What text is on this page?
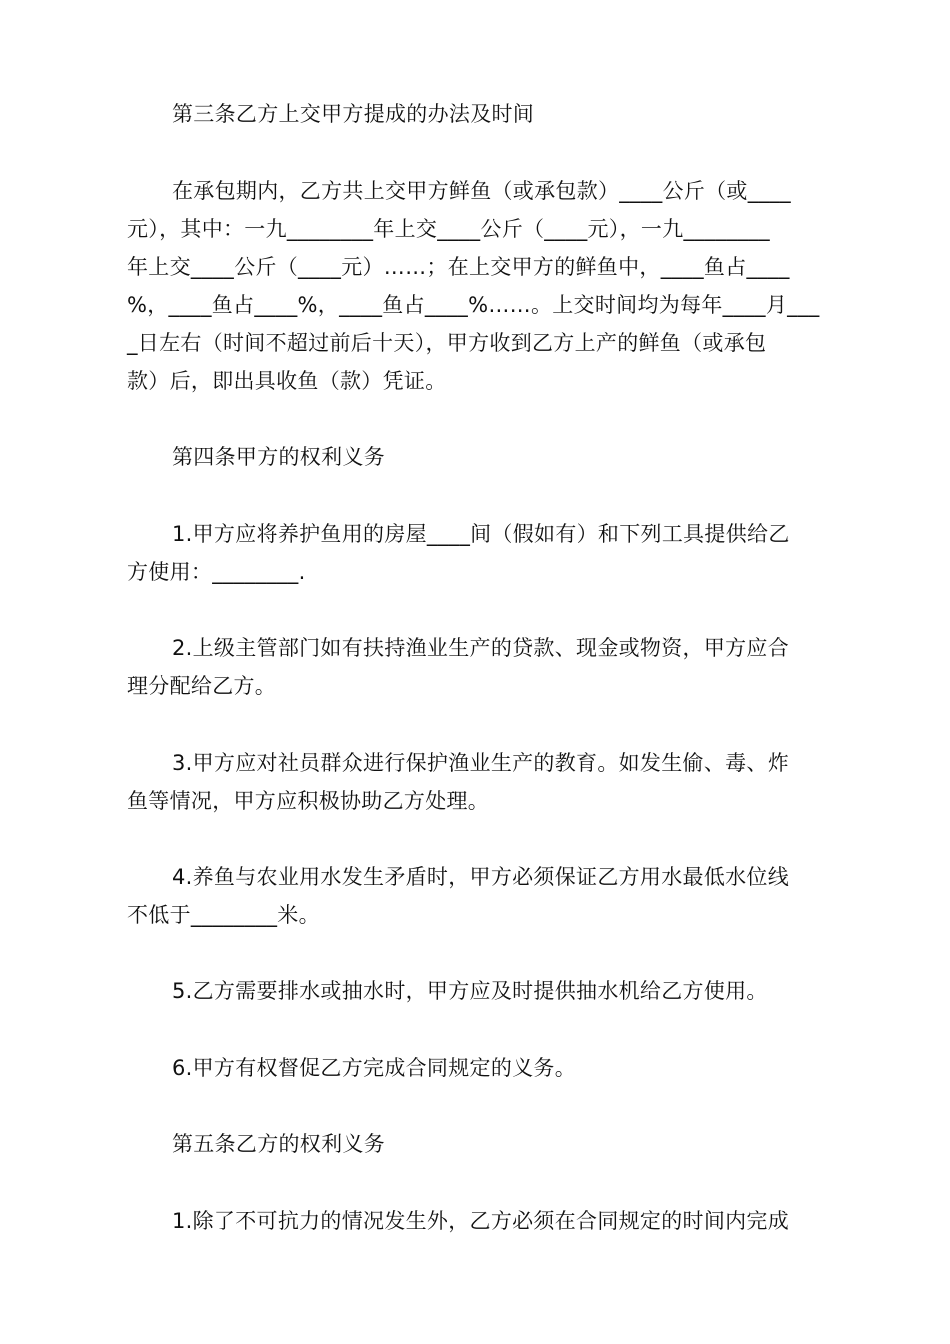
第三条乙方上交甲方提成的办法及时间

在承包期内，乙方共上交甲方鲜鱼（或承包款）____公斤（或____
元），其中：一九________年上交____公斤（____元），一九________
年上交____公斤（____元）……；在上交甲方的鲜鱼中，____鱼占____
%，____鱼占____%，____鱼占____%……。上交时间均为每年____月___
_日左右（时间不超过前后十天），甲方收到乙方上产的鲜鱼（或承包
款）后，即出具收鱼（款）凭证。

第四条甲方的权利义务

1.甲方应将养护鱼用的房屋____间（假如有）和下列工具提供给乙
方使用：________.

2.上级主管部门如有扶持渔业生产的贷款、现金或物资，甲方应合
理分配给乙方。

3.甲方应对社员群众进行保护渔业生产的教育。如发生偷、毒、炸
鱼等情况，甲方应积极协助乙方处理。

4.养鱼与农业用水发生矛盾时，甲方必须保证乙方用水最低水位线
不低于________米。

5.乙方需要排水或抽水时，甲方应及时提供抽水机给乙方使用。

6.甲方有权督促乙方完成合同规定的义务。

第五条乙方的权利义务

1.除了不可抗力的情况发生外，乙方必须在合同规定的时间内完成
